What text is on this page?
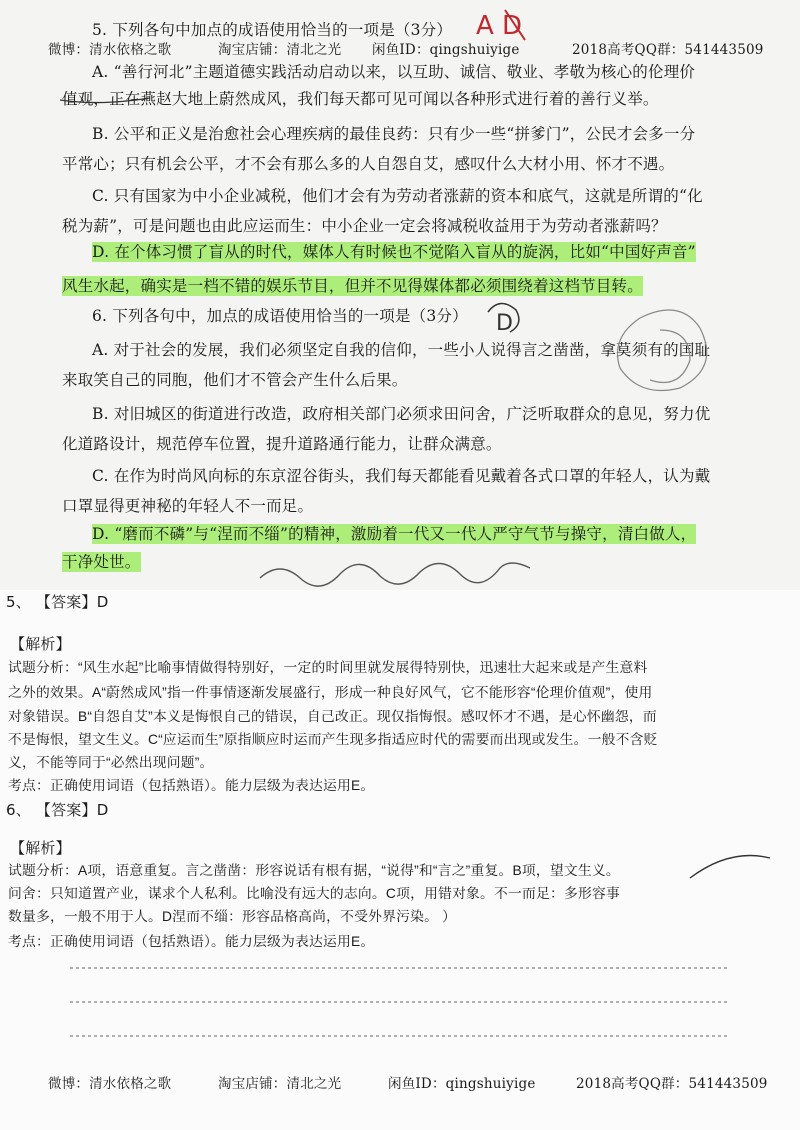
微博：清水依格之歌	淘宝店铺：清北之光 闲鱼ID：qingshuiyige	2018高考QQ群：541443509
5. 下列各句中加点的成语使用恰当的一项是（3分）
A. “善行河北”主题道德实践活动启动以来，以互助、诚信、敬业、孝敬为核心的伦理价
值观，正在燕赵大地上蔚然成风，我们每天都可见可闻以各种形式进行着的善行义举。
B. 公平和正义是治愈社会心理疾病的最佳良药：只有少一些“拼爹门”，公民才会多一分
平常心；只有机会公平，才不会有那么多的人自怨自艾，感叹什么大材小用、怀才不遇。
C. 只有国家为中小企业减税，他们才会有为劳动者涨薪的资本和底气，这就是所谓的“化
税为薪”，可是问题也由此应运而生：中小企业一定会将减税收益用于为劳动者涨薪吗？
D. 在个体习惯了盲从的时代，媒体人有时候也不觉陷入盲从的旋涡，比如“中国好声音”
风生水起，确实是一档不错的娱乐节目，但并不见得媒体都必须围绕着这档节目转。
6. 下列各句中，加点的成语使用恰当的一项是（3分）
A. 对于社会的发展，我们必须坚定自我的信仰，一些小人说得言之凿凿，拿莫须有的国耻
来取笑自己的同胞，他们才不管会产生什么后果。
B. 对旧城区的街道进行改造，政府相关部门必须求田问舍，广泛听取群众的息见，努力优
化道路设计，规范停车位置，提升道路通行能力，让群众满意。
C. 在作为时尚风向标的东京涩谷街头，我们每天都能看见戴着各式口罩的年轻人，认为戴
口罩显得更神秘的年轻人不一而足。
D. “磨而不磷”与“涅而不缁”的精神，激励着一代又一代人严守气节与操守，清白做人，
干净处世。
5、 【答案】D
【解析】
试题分析：“风生水起”比喻事情做得特别好，一定的时间里就发展得特别快，迅速壮大起来或是产生意料
之外的效果。A“蔚然成风”指一件事情逐渐发展盛行，形成一种良好风气，它不能形容“伦理价值观”，使用
对象错误。B“自怨自艾”本义是悔恨自己的错误，自己改正。现仅指悔恨。感叹怀才不遇，是心怀幽怨，而
不是悔恨，望文生义。C“应运而生”原指顺应时运而产生现多指适应时代的需要而出现或发生。一般不含贬
义，不能等同于“必然出现问题”。
考点：正确使用词语（包括熟语）。能力层级为表达运用E。
6、 【答案】D
【解析】
试题分析：A项，语意重复。言之凿凿：形容说话有根有据，“说得”和“言之”重复。B项，望文生义。
问舍：只知道置产业，谋求个人私利。比喻没有远大的志向。C项，用错对象。不一而足：多形容事
数量多，一般不用于人。D涅而不缁：形容品格高尚，不受外界污染。 ）
考点：正确使用词语（包括熟语）。能力层级为表达运用E。
微博：清水依格之歌	淘宝店铺：清北之光	闲鱼ID：qingshuiyige	2018高考QQ群：541443509
A D
D
